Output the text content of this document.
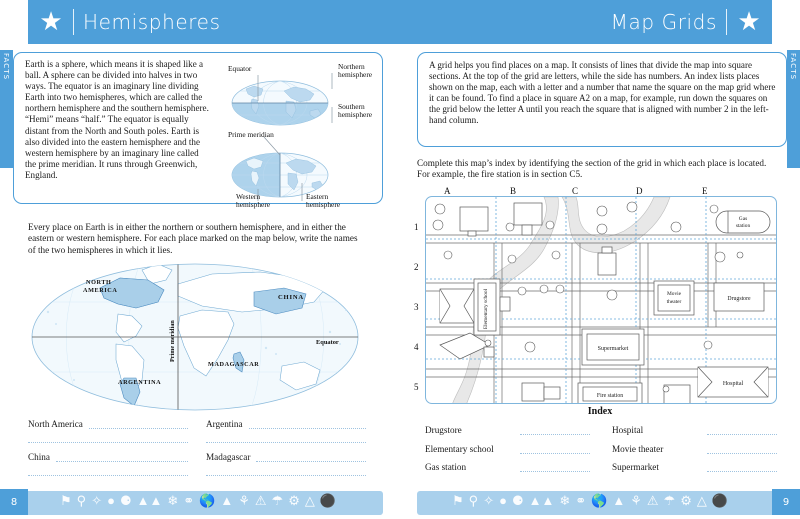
★ Hemispheres
FACTS Earth is a sphere, which means it is shaped like a ball. A sphere can be divided into halves in two ways. The equator is an imaginary line dividing Earth into two hemispheres, which are called the northern hemisphere and the southern hemisphere. “Hemi” means “half.” The equator is equally distant from the North and South poles. Earth is also divided into the eastern hemisphere and the western hemisphere by an imaginary line called the prime meridian. It runs through Greenwich, England.
Equator	Northern hemisphere
Southern hemisphere
Prime meridian
Western hemisphere
Eastern hemisphere
Every place on Earth is in either the northern or southern hemisphere, and in either the eastern or western hemisphere. For each place marked on the map below, write the names of the two hemispheres in which it lies.
Equator
CHINA
NORTH
AMERICA
ARGENTINA
MADAGASCAR
Prime meridian
North America
China
Argentina
Madagascar
Map Grids ★
FACTS
A grid helps you find places on a map. It consists of lines that divide the map into square sections. At the top of the grid are letters, while the side has numbers. An index lists places shown on the map, each with a letter and a number that name the square on the map grid where it can be found. To find a place in square A2 on a map, for example, run down the squares on the grid below the letter A until you reach the square that is aligned with number 2 in the left-hand column.
Complete this map’s index by identifying the section of the grid in which each place is located. For example, the fire station is in section C5.
A	B	C	D	E
1
2
3
4
5
Gas
station
Elementary school
Supermarket
Fire station
Movie
theater	Drugstore
Hospital
Index
Drugstore
Elementary school
Gas station
Hospital
Movie theater
Supermarket
8	9
⚑ ⚲ ✧ ● ⚈ ▲▲ ❄ ⚭ 🌎 ▲ ⚘ ⚠ ☂ ⚙ △ ⚫	⚑ ⚲ ✧ ● ⚈ ▲▲ ❄ ⚭ 🌎 ▲ ⚘ ⚠ ☂ ⚙ △ ⚫
